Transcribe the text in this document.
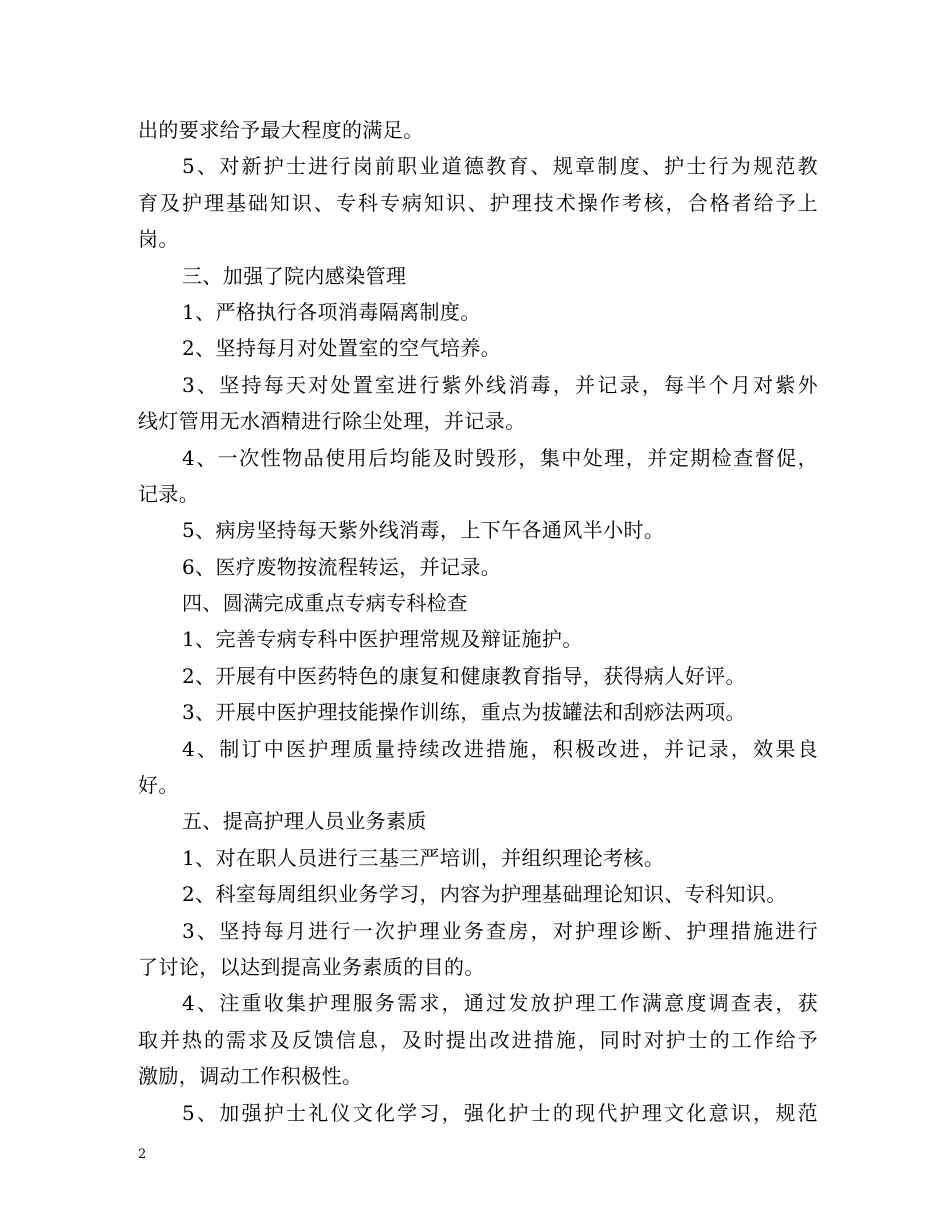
出的要求给予最大程度的满足。
5、对新护士进行岗前职业道德教育、规章制度、护士行为规范教
育及护理基础知识、专科专病知识、护理技术操作考核，合格者给予上
岗。
三、加强了院内感染管理
1、严格执行各项消毒隔离制度。
2、坚持每月对处置室的空气培养。
3、坚持每天对处置室进行紫外线消毒，并记录，每半个月对紫外
线灯管用无水酒精进行除尘处理，并记录。
4、一次性物品使用后均能及时毁形，集中处理，并定期检查督促，
记录。
5、病房坚持每天紫外线消毒，上下午各通风半小时。
6、医疗废物按流程转运，并记录。
四、圆满完成重点专病专科检查
1、完善专病专科中医护理常规及辩证施护。
2、开展有中医药特色的康复和健康教育指导，获得病人好评。
3、开展中医护理技能操作训练，重点为拔罐法和刮痧法两项。
4、制订中医护理质量持续改进措施，积极改进，并记录，效果良
好。
五、提高护理人员业务素质
1、对在职人员进行三基三严培训，并组织理论考核。
2、科室每周组织业务学习，内容为护理基础理论知识、专科知识。
3、坚持每月进行一次护理业务查房，对护理诊断、护理措施进行
了讨论，以达到提高业务素质的目的。
4、注重收集护理服务需求，通过发放护理工作满意度调查表，获
取并热的需求及反馈信息，及时提出改进措施，同时对护士的工作给予
激励，调动工作积极性。
5、加强护士礼仪文化学习，强化护士的现代护理文化意识，规范
2
